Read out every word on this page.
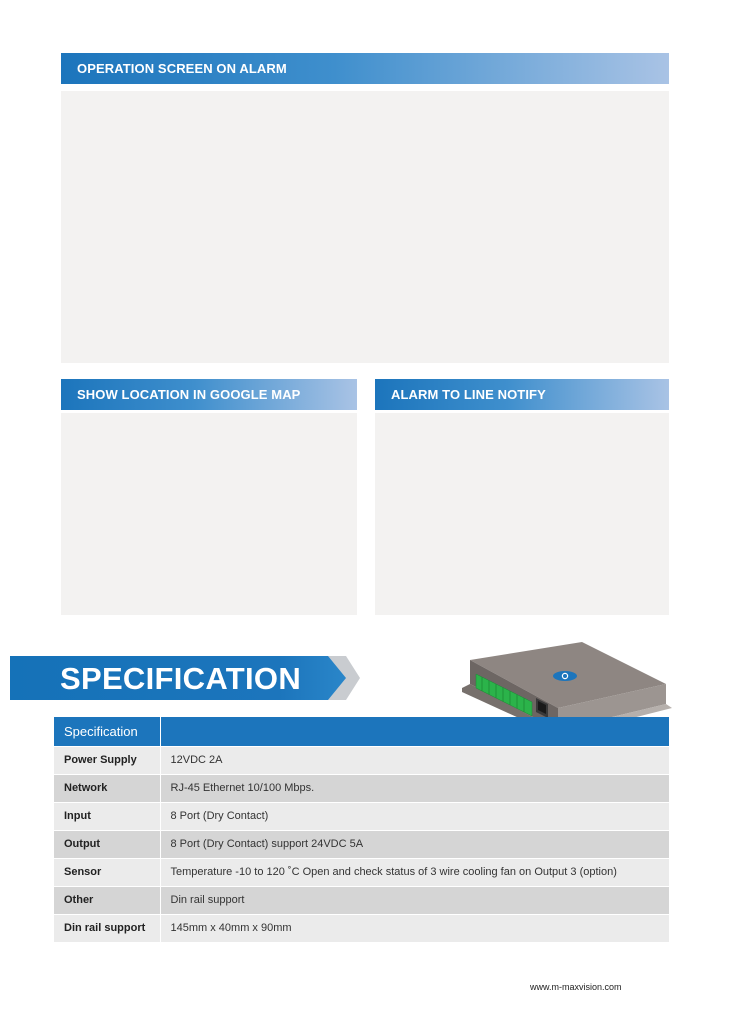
OPERATION SCREEN ON ALARM
SHOW LOCATION IN GOOGLE MAP	ALARM TO LINE NOTIFY
SPECIFICATION
Specification	
Power Supply	12VDC 2A
Network	RJ-45 Ethernet 10/100 Mbps.
Input	8 Port (Dry Contact)
Output	8 Port (Dry Contact) support 24VDC 5A
Sensor	Temperature -10 to 120 ˚C Open and check status of 3 wire cooling fan on Output 3 (option)
Other	Din rail support
Din rail support	145mm x 40mm x 90mm
www.m-maxvision.com
